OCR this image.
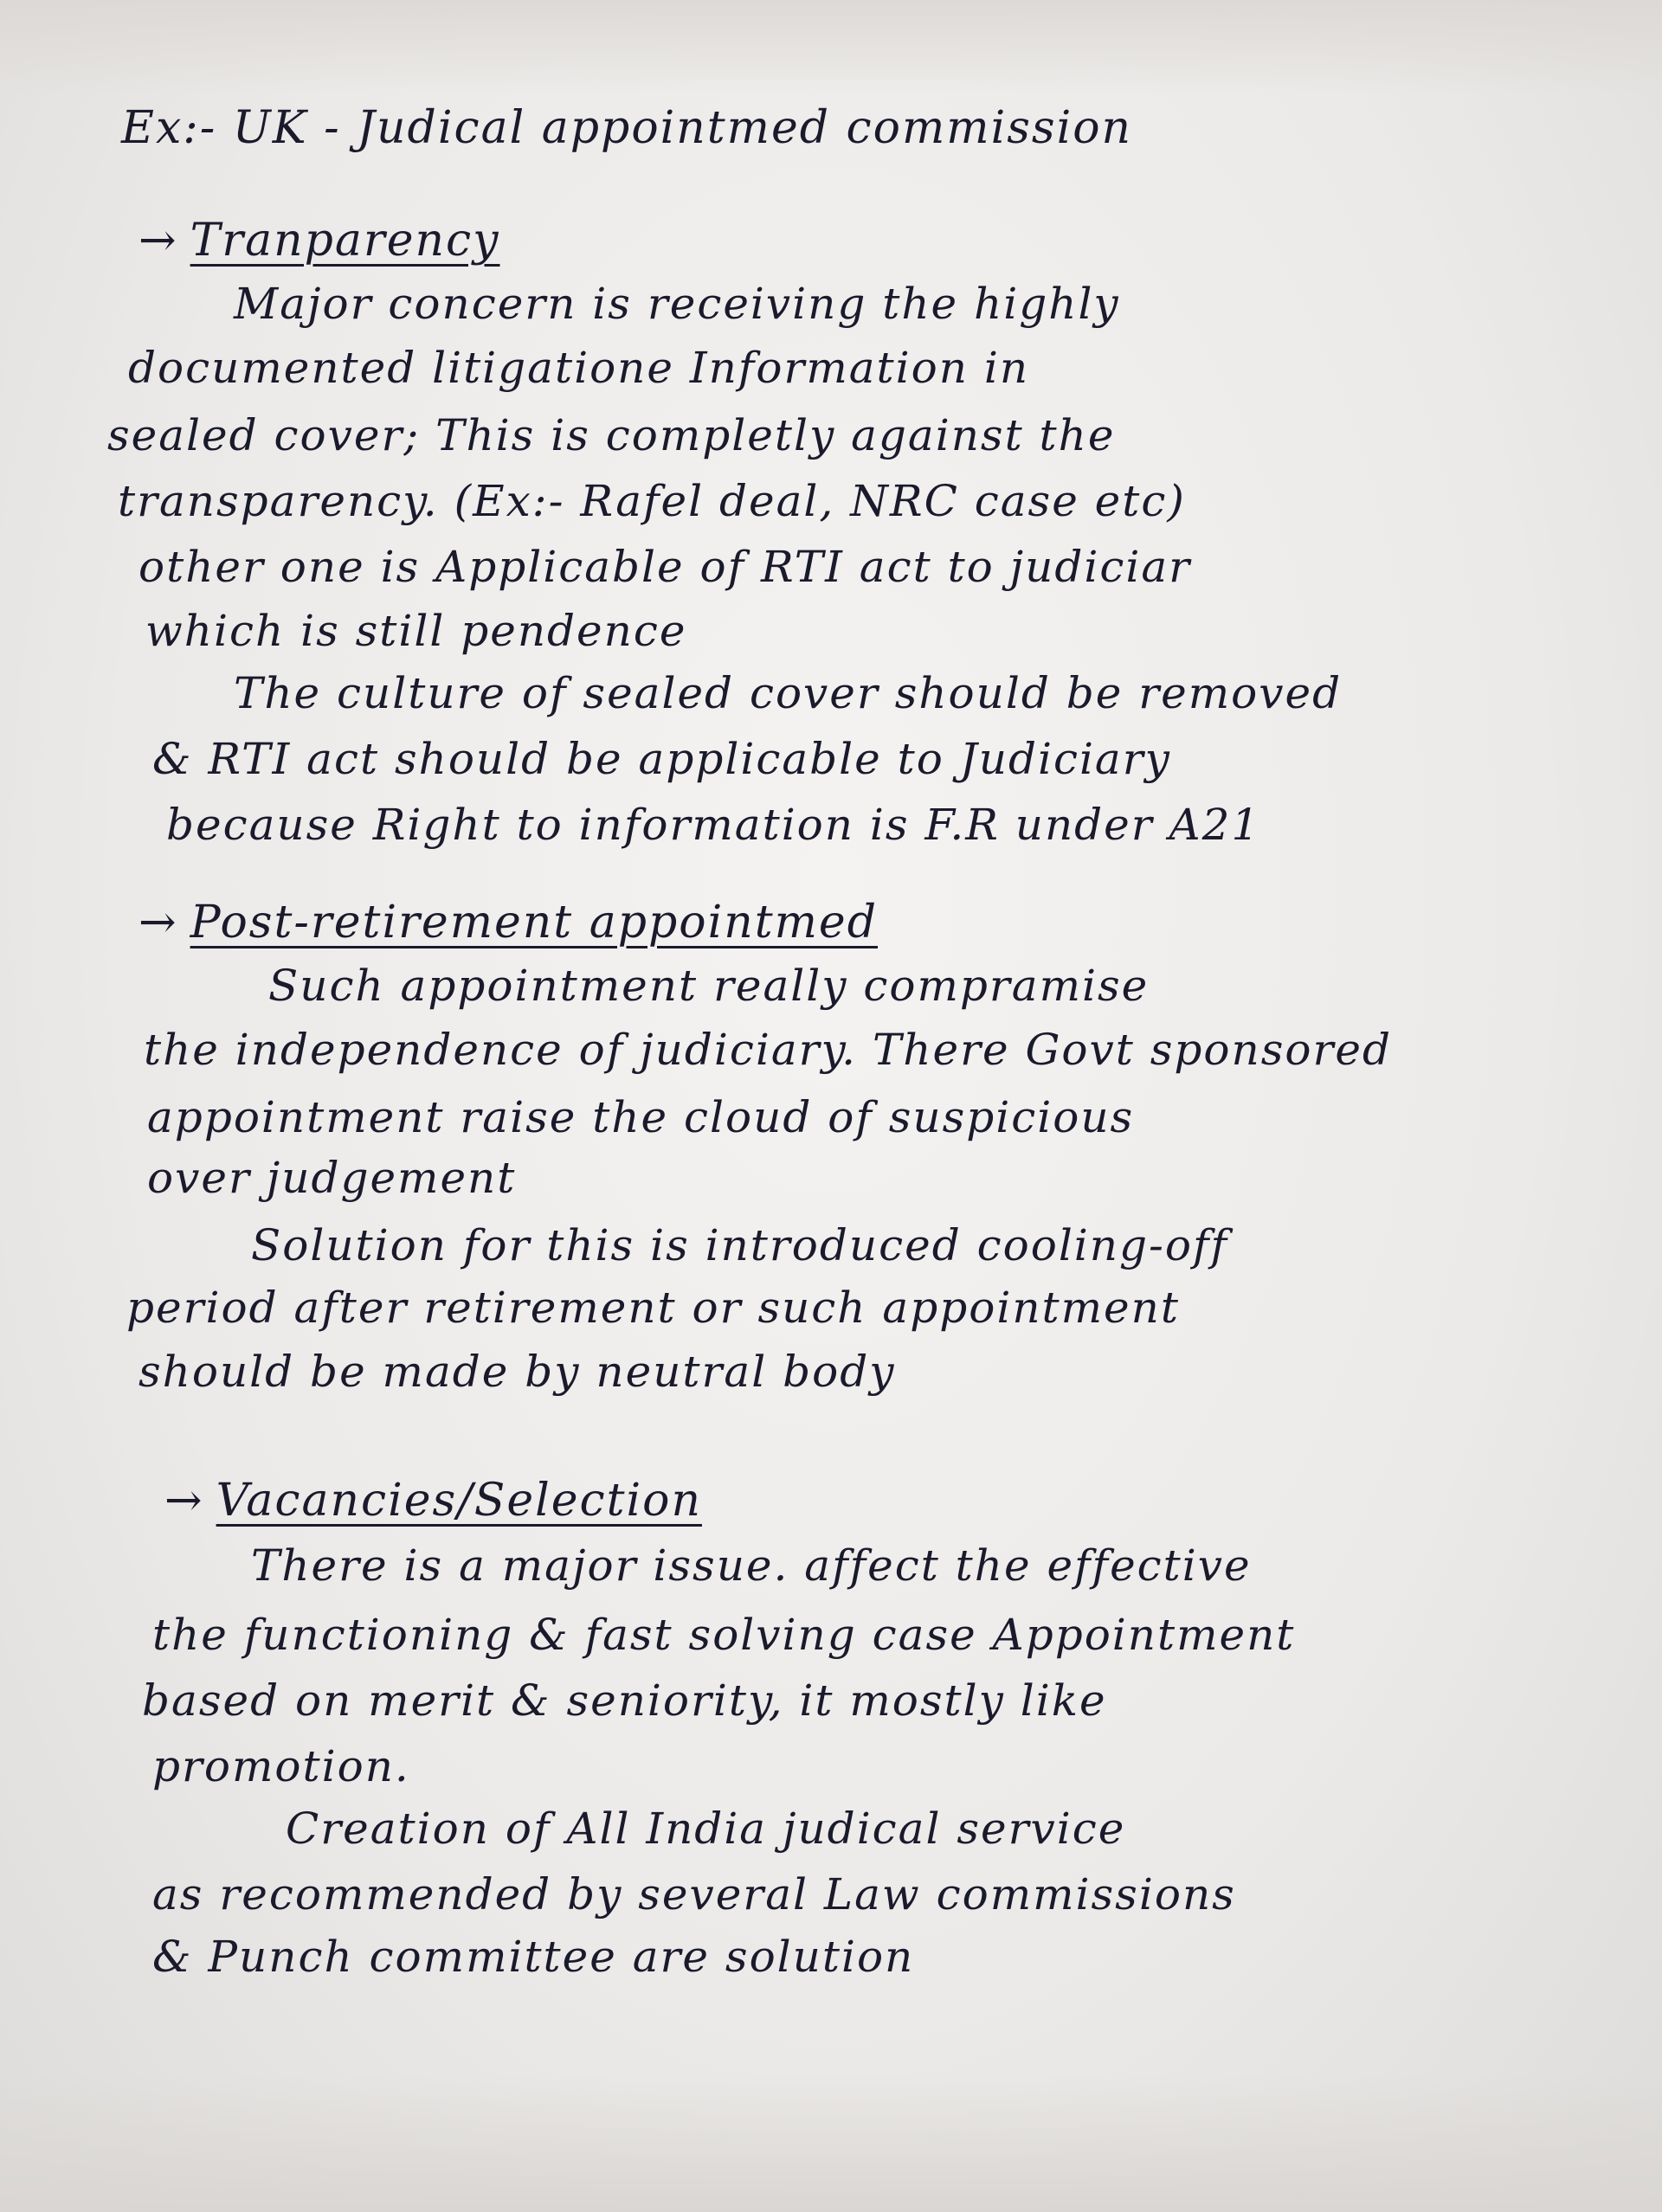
Ex:- UK - Judical appointmed commission
→ Tranparency
Major concern is receiving the highly
documented litigatione Information in
sealed cover; This is completly against the
transparency. (Ex:- Rafel deal, NRC case etc)
other one is Applicable of RTI act to judiciar
which is still pendence
The culture of sealed cover should be removed
& RTI act should be applicable to Judiciary
because Right to information is F.R under A21
→ Post-retirement appointmed
Such appointment really compramise
the independence of judiciary. There Govt sponsored
appointment raise the cloud of suspicious
over judgement
Solution for this is introduced cooling-off
period after retirement or such appointment
should be made by neutral body
→ Vacancies/Selection
There is a major issue. affect the effective
the functioning & fast solving case Appointment
based on merit & seniority, it mostly like
promotion.
Creation of All India judical service
as recommended by several Law commissions
& Punch committee are solution
